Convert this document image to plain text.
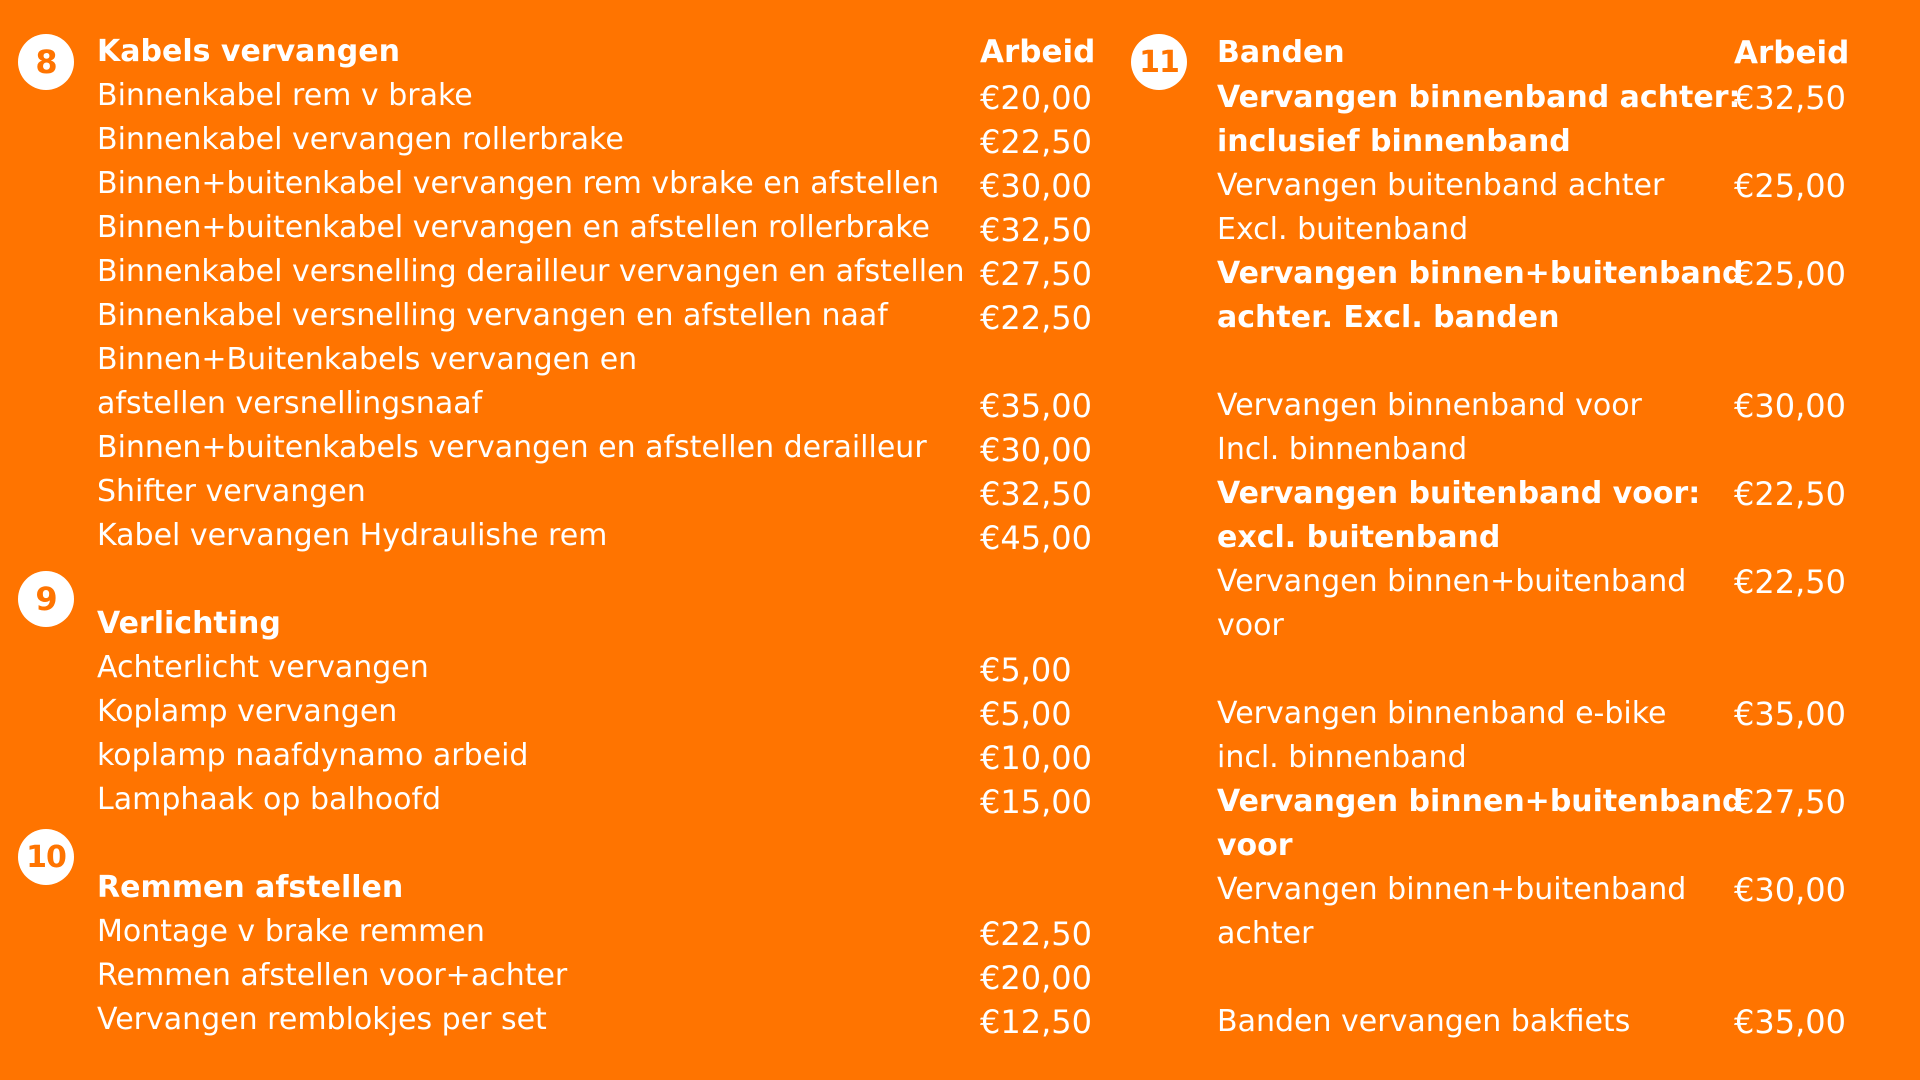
8	Kabels vervangen	Arbeid
Binnenkabel rem v brake	€20,00
Binnenkabel vervangen rollerbrake	€22,50
Binnen+buitenkabel vervangen rem vbrake en afstellen €30,00
Binnen+buitenkabel vervangen en afstellen rollerbrake €32,50
Binnenkabel versnelling derailleur vervangen en afstellen €27,50
Binnenkabel versnelling vervangen en afstellen naaf	€22,50
Binnen+Buitenkabels vervangen en
afstellen versnellingsnaaf	€35,00
Binnen+buitenkabels vervangen en afstellen derailleur €30,00
Shifter vervangen	€32,50
Kabel vervangen Hydraulishe rem	€45,00
9
Verlichting
Achterlicht vervangen	€5,00
Koplamp vervangen	€5,00
koplamp naafdynamo arbeid	€10,00
Lamphaak op balhoofd	€15,00
10
Remmen afstellen
Montage v brake remmen	€22,50
Remmen afstellen voor+achter	€20,00
Vervangen remblokjes per set	€12,50
11 Banden	Arbeid
Vervangen binnenband achter:
inclusief binnenband
€32,50
Vervangen buitenband achter
Excl. buitenband
€25,00
Vervangen binnen+buitenband
achter. Excl. banden
€25,00
Vervangen binnenband voor
Incl. binnenband
€30,00
Vervangen buitenband voor:
excl. buitenband
€22,50
Vervangen binnen+buitenband
voor
€22,50
Vervangen binnenband e-bike
incl. binnenband
€35,00
Vervangen binnen+buitenband
voor
€27,50
Vervangen binnen+buitenband
achter
€30,00
Banden vervangen bakfiets	€35,00
